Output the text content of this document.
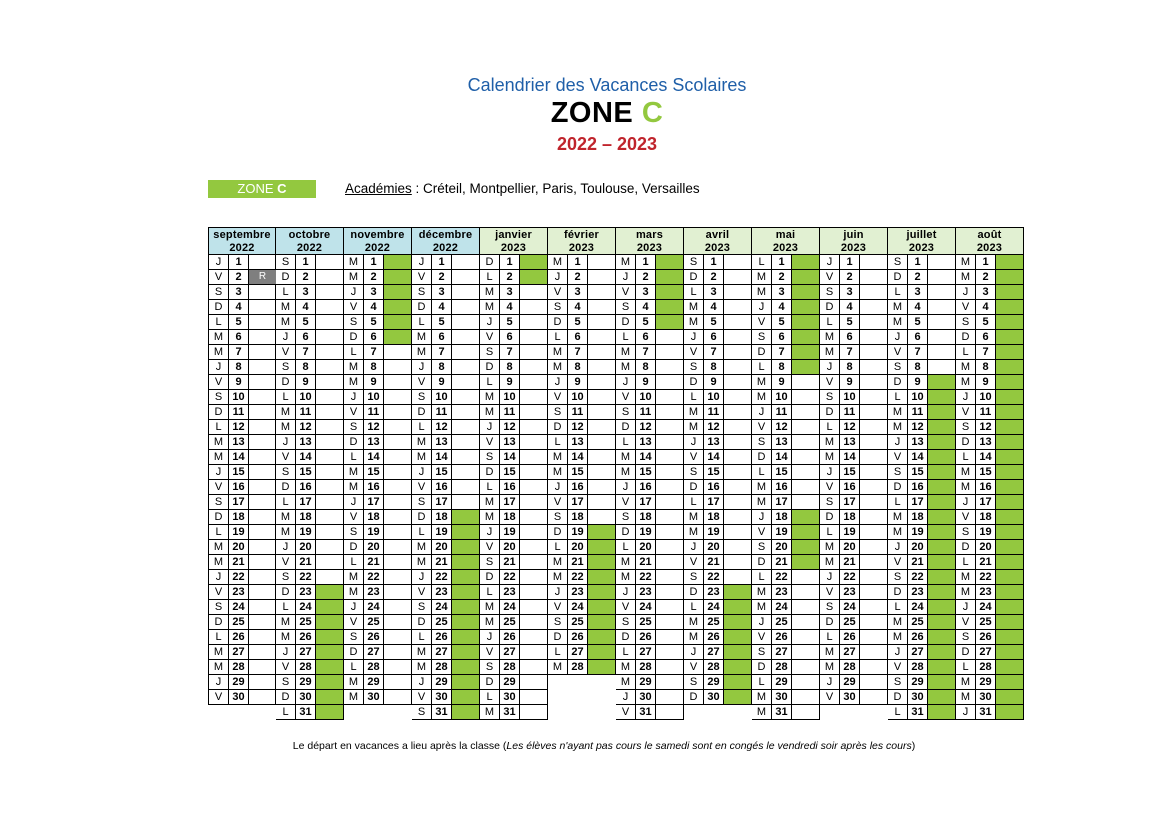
Calendrier des Vacances Scolaires
ZONE C
2022 – 2023
ZONE C	Académies : Créteil, Montpellier, Paris, Toulouse, Versailles
septembre
2022
J	1
V	2	R
S	3
D	4
L	5
M	6
M	7
J	8
V	9
S 10
D 11
L 12
M 13
M 14
J	15
V 16
S 17
D 18
L 19
M 20
M 21
J	22
V 23
S 24
D 25
L 26
M 27
M 28
J	29
V 30
octobre
2022
S	1
D	2
L	3
M	4
M	5
J	6
V	7
S	8
D	9
L 10
M 11
M 12
J	13
V 14
S 15
D 16
L 17
M 18
M 19
J	20
V 21
S 22
D 23
L 24
M 25
M 26
J	27
V 28
S 29
D 30
L 31
novembre
2022
M	1
M	2
J	3
V	4
S	5
D	6
L	7
M	8
M	9
J	10
V 11
S 12
D 13
L 14
M 15
M 16
J	17
V 18
S 19
D 20
L 21
M 22
M 23
J	24
V 25
S 26
D 27
L 28
M 29
M 30
décembre
2022
J	1
V	2
S	3
D	4
L	5
M	6
M	7
J	8
V	9
S 10
D 11
L 12
M 13
M 14
J	15
V 16
S 17
D 18
L 19
M 20
M 21
J	22
V 23
S 24
D 25
L 26
M 27
M 28
J	29
V 30
S 31
janvier
2023
D	1
L	2
M	3
M	4
J	5
V	6
S	7
D	8
L	9
M 10
M 11
J	12
V 13
S 14
D 15
L 16
M 17
M 18
J	19
V 20
S 21
D 22
L 23
M 24
M 25
J	26
V 27
S 28
D 29
L 30
M 31
février
2023
M	1
J	2
V	3
S	4
D	5
L	6
M	7
M	8
J	9
V 10
S 11
D 12
L 13
M 14
M 15
J	16
V 17
S 18
D 19
L 20
M 21
M 22
J	23
V 24
S 25
D 26
L 27
M 28
mars
2023
M	1
J	2
V	3
S	4
D	5
L	6
M	7
M	8
J	9
V 10
S 11
D 12
L 13
M 14
M 15
J	16
V 17
S 18
D 19
L 20
M 21
M 22
J	23
V 24
S 25
D 26
L 27
M 28
M 29
J	30
V 31
avril
2023
S	1
D	2
L	3
M	4
M	5
J	6
V	7
S	8
D	9
L 10
M 11
M 12
J	13
V 14
S 15
D 16
L 17
M 18
M 19
J	20
V 21
S 22
D 23
L 24
M 25
M 26
J	27
V 28
S 29
D 30
mai
2023
L	1
M	2
M	3
J	4
V	5
S	6
D	7
L	8
M	9
M 10
J	11
V 12
S 13
D 14
L 15
M 16
M 17
J	18
V 19
S 20
D 21
L 22
M 23
M 24
J	25
V 26
S 27
D 28
L 29
M 30
M 31
juin
2023
J	1
V	2
S	3
D	4
L	5
M	6
M	7
J	8
V	9
S 10
D 11
L 12
M 13
M 14
J	15
V 16
S 17
D 18
L 19
M 20
M 21
J	22
V 23
S 24
D 25
L 26
M 27
M 28
J	29
V 30
juillet
2023
S	1
D	2
L	3
M	4
M	5
J	6
V	7
S	8
D	9
L 10
M 11
M 12
J	13
V 14
S 15
D 16
L 17
M 18
M 19
J	20
V 21
S 22
D 23
L 24
M 25
M 26
J	27
V 28
S 29
D 30
L 31
août
2023
M	1
M	2
J	3
V	4
S	5
D	6
L	7
M	8
M	9
J	10
V 11
S 12
D 13
L 14
M 15
M 16
J	17
V 18
S 19
D 20
L 21
M 22
M 23
J	24
V 25
S 26
D 27
L 28
M 29
M 30
J	31
Le départ en vacances a lieu après la classe (Les élèves n'ayant pas cours le samedi sont en congés le vendredi soir après les cours)
